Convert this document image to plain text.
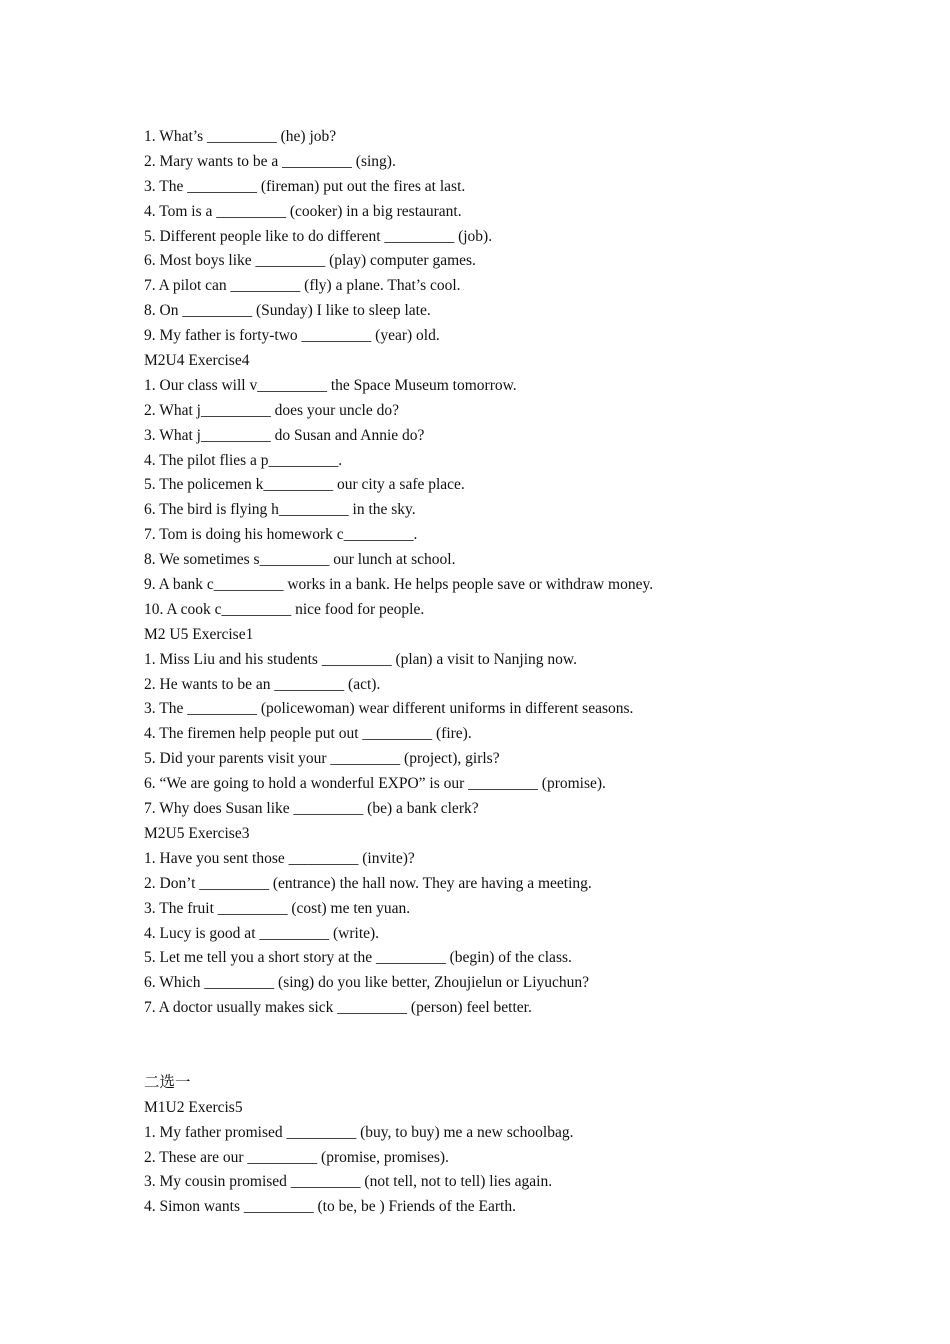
1. What’s _________ (he) job?

2. Mary wants to be a _________ (sing).

3. The _________ (fireman) put out the fires at last.

4. Tom is a _________ (cooker) in a big restaurant.

5. Different people like to do different _________ (job).

6. Most boys like _________ (play) computer games.

7. A pilot can _________ (fly) a plane. That’s cool.

8. On _________ (Sunday) I like to sleep late.

9. My father is forty-two _________ (year) old.

M2U4 Exercise4

1. Our class will v_________ the Space Museum tomorrow.

2. What j_________ does your uncle do?

3. What j_________ do Susan and Annie do?

4. The pilot flies a p_________.

5. The policemen k_________ our city a safe place.

6. The bird is flying h_________ in the sky.

7. Tom is doing his homework c_________.

8. We sometimes s_________ our lunch at school.

9. A bank c_________ works in a bank. He helps people save or withdraw money.

10. A cook c_________ nice food for people.

M2 U5 Exercise1

1. Miss Liu and his students _________ (plan) a visit to Nanjing now.

2. He wants to be an _________ (act).

3. The _________ (policewoman) wear different uniforms in different seasons.

4. The firemen help people put out _________ (fire).

5. Did your parents visit your _________ (project), girls?

6. “We are going to hold a wonderful EXPO” is our _________ (promise).

7. Why does Susan like _________ (be) a bank clerk?

M2U5 Exercise3

1. Have you sent those _________ (invite)?

2. Don’t _________ (entrance) the hall now. They are having a meeting.

3. The fruit _________ (cost) me ten yuan.

4. Lucy is good at _________ (write).

5. Let me tell you a short story at the _________ (begin) of the class.

6. Which _________ (sing) do you like better, Zhoujielun or Liyuchun?

7. A doctor usually makes sick _________ (person) feel better.

二选一

M1U2 Exercis5

1. My father promised _________ (buy, to buy) me a new schoolbag.

2. These are our _________ (promise, promises).

3. My cousin promised _________ (not tell, not to tell) lies again.

4. Simon wants _________ (to be, be ) Friends of the Earth.
